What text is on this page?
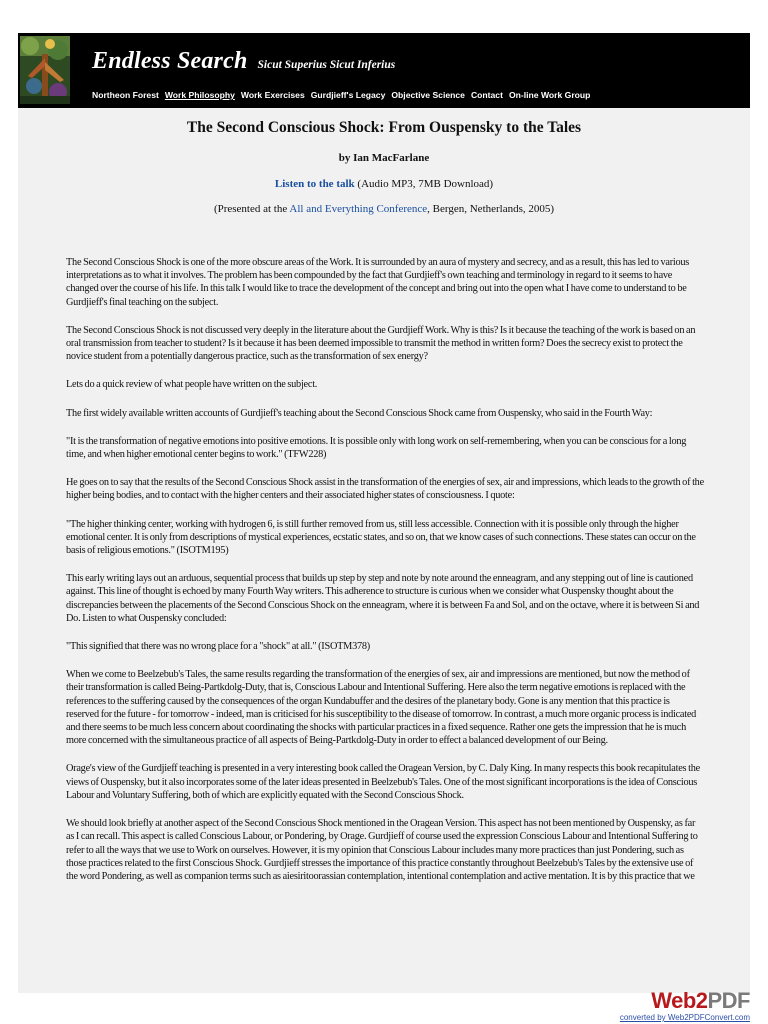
Endless Search Sicut Superius Sicut Inferius
Northeon Forest Work Philosophy Work Exercises Gurdjieff's Legacy Objective Science Contact On-line Work Group
The Second Conscious Shock: From Ouspensky to the Tales
by Ian MacFarlane
Listen to the talk (Audio MP3, 7MB Download)
(Presented at the All and Everything Conference, Bergen, Netherlands, 2005)

The Second Conscious Shock is one of the more obscure areas of the Work. It is surrounded by an aura of mystery and secrecy, and as a result, this has led to various interpretations as to what it involves. The problem has been compounded by the fact that Gurdjieff's own teaching and terminology in regard to it seems to have changed over the course of his life. In this talk I would like to trace the development of the concept and bring out into the open what I have come to understand to be Gurdjieff's final teaching on the subject.

The Second Conscious Shock is not discussed very deeply in the literature about the Gurdjieff Work. Why is this? Is it because the teaching of the work is based on an oral transmission from teacher to student? Is it because it has been deemed impossible to transmit the method in written form? Does the secrecy exist to protect the novice student from a potentially dangerous practice, such as the transformation of sex energy?

Lets do a quick review of what people have written on the subject.

The first widely available written accounts of Gurdjieff's teaching about the Second Conscious Shock came from Ouspensky, who said in the Fourth Way:

"It is the transformation of negative emotions into positive emotions. It is possible only with long work on self-remembering, when you can be conscious for a long time, and when higher emotional center begins to work." (TFW228)

He goes on to say that the results of the Second Conscious Shock assist in the transformation of the energies of sex, air and impressions, which leads to the growth of the higher being bodies, and to contact with the higher centers and their associated higher states of consciousness. I quote:

"The higher thinking center, working with hydrogen 6, is still further removed from us, still less accessible. Connection with it is possible only through the higher emotional center. It is only from descriptions of mystical experiences, ecstatic states, and so on, that we know cases of such connections. These states can occur on the basis of religious emotions." (ISOTM195)

This early writing lays out an arduous, sequential process that builds up step by step and note by note around the enneagram, and any stepping out of line is cautioned against. This line of thought is echoed by many Fourth Way writers. This adherence to structure is curious when we consider what Ouspensky thought about the discrepancies between the placements of the Second Conscious Shock on the enneagram, where it is between Fa and Sol, and on the octave, where it is between Si and Do. Listen to what Ouspensky concluded:

"This signified that there was no wrong place for a "shock" at all." (ISOTM378)

When we come to Beelzebub's Tales, the same results regarding the transformation of the energies of sex, air and impressions are mentioned, but now the method of their transformation is called Being-Partkdolg-Duty, that is, Conscious Labour and Intentional Suffering. Here also the term negative emotions is replaced with the references to the suffering caused by the consequences of the organ Kundabuffer and the desires of the planetary body. Gone is any mention that this practice is reserved for the future - for tomorrow - indeed, man is criticised for his susceptibility to the disease of tomorrow. In contrast, a much more organic process is indicated and there seems to be much less concern about coordinating the shocks with particular practices in a fixed sequence. Rather one gets the impression that he is much more concerned with the simultaneous practice of all aspects of Being-Partkdolg-Duty in order to effect a balanced development of our Being.

Orage's view of the Gurdjieff teaching is presented in a very interesting book called the Oragean Version, by C. Daly King. In many respects this book recapitulates the views of Ouspensky, but it also incorporates some of the later ideas presented in Beelzebub's Tales. One of the most significant incorporations is the idea of Conscious Labour and Voluntary Suffering, both of which are explicitly equated with the Second Conscious Shock.

We should look briefly at another aspect of the Second Conscious Shock mentioned in the Oragean Version. This aspect has not been mentioned by Ouspensky, as far as I can recall. This aspect is called Conscious Labour, or Pondering, by Orage. Gurdjieff of course used the expression Conscious Labour and Intentional Suffering to refer to all the ways that we use to Work on ourselves. However, it is my opinion that Conscious Labour includes many more practices than just Pondering, such as those practices related to the first Conscious Shock. Gurdjieff stresses the importance of this practice constantly throughout Beelzebub's Tales by the extensive use of the word Pondering, as well as companion terms such as aiesiritoorassian contemplation, intentional contemplation and active mentation. It is by this practice that we

Web2PDF
converted by Web2PDFConvert.com
